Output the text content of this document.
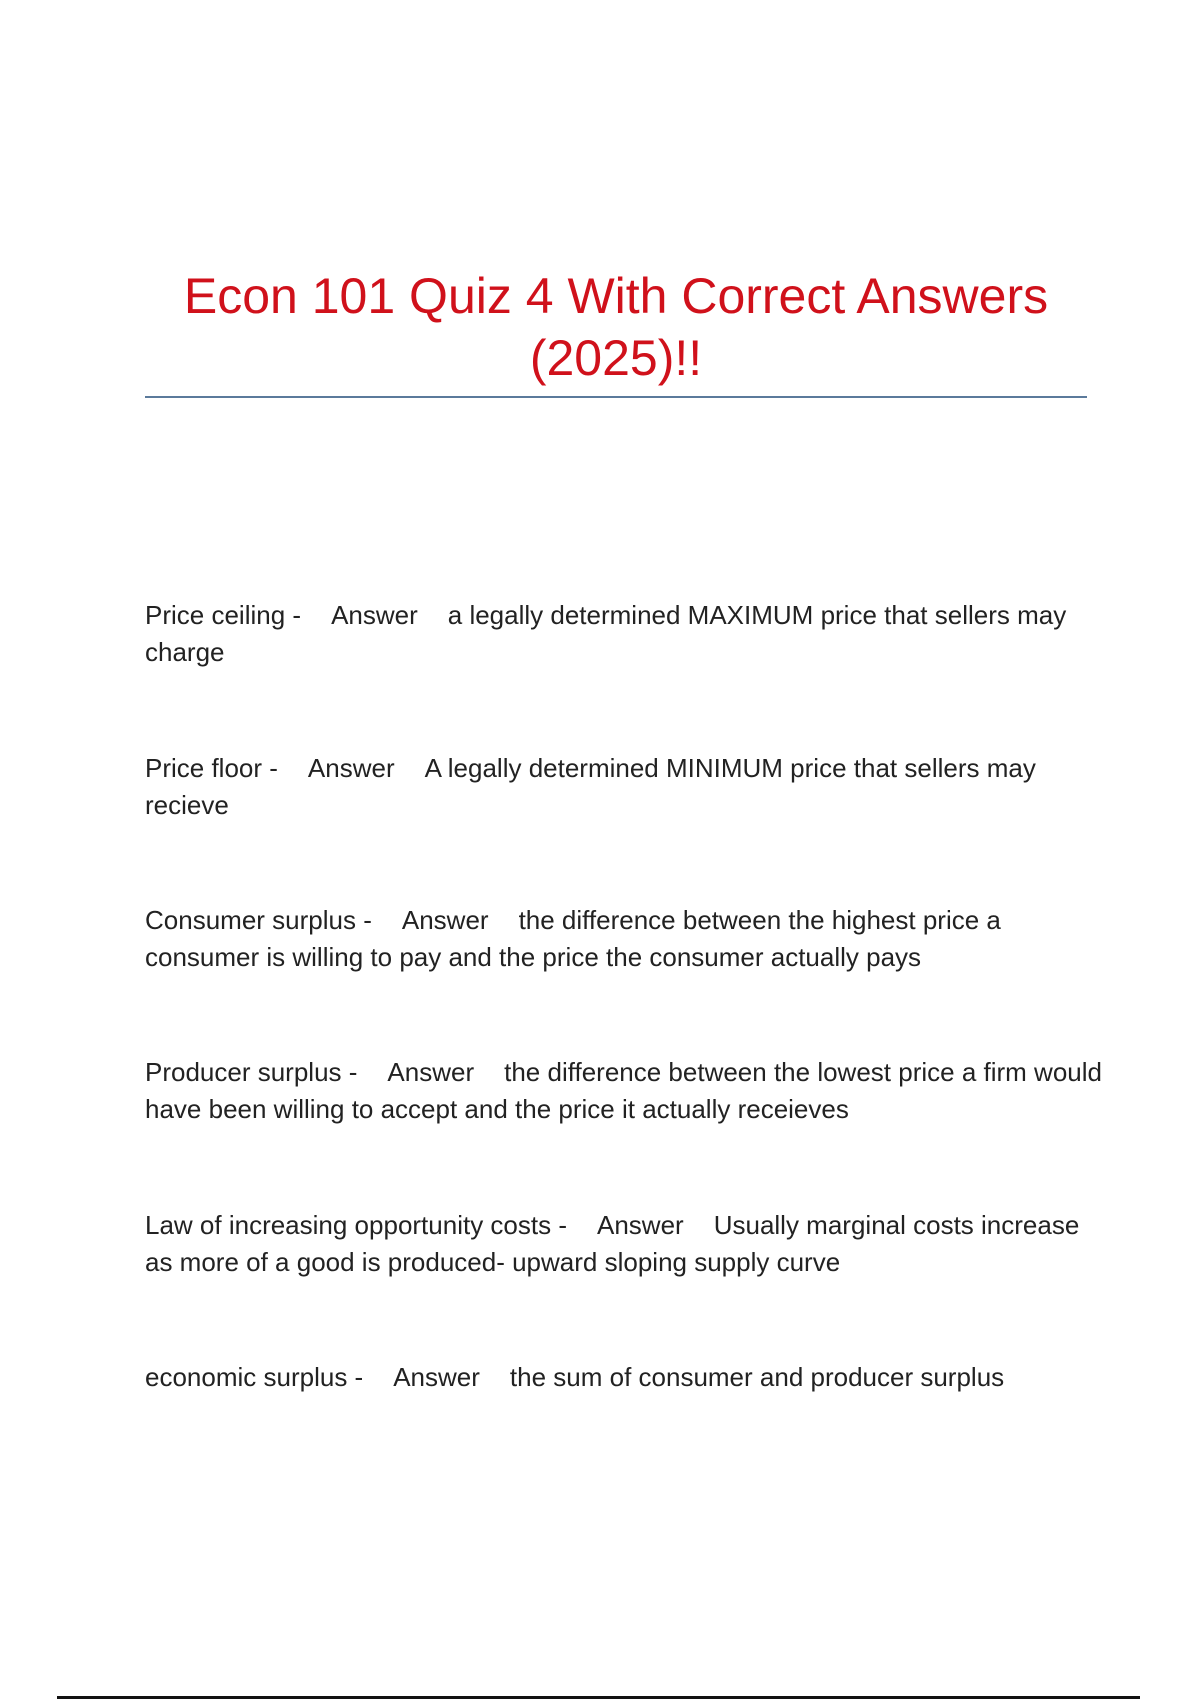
Econ 101 Quiz 4 With Correct Answers (2025)!!
Price ceiling - Answer a legally determined MAXIMUM price that sellers may charge
Price floor - Answer A legally determined MINIMUM price that sellers may recieve
Consumer surplus - Answer the difference between the highest price a consumer is willing to pay and the price the consumer actually pays
Producer surplus - Answer the difference between the lowest price a firm would have been willing to accept and the price it actually receieves
Law of increasing opportunity costs - Answer Usually marginal costs increase as more of a good is produced- upward sloping supply curve
economic surplus - Answer the sum of consumer and producer surplus
